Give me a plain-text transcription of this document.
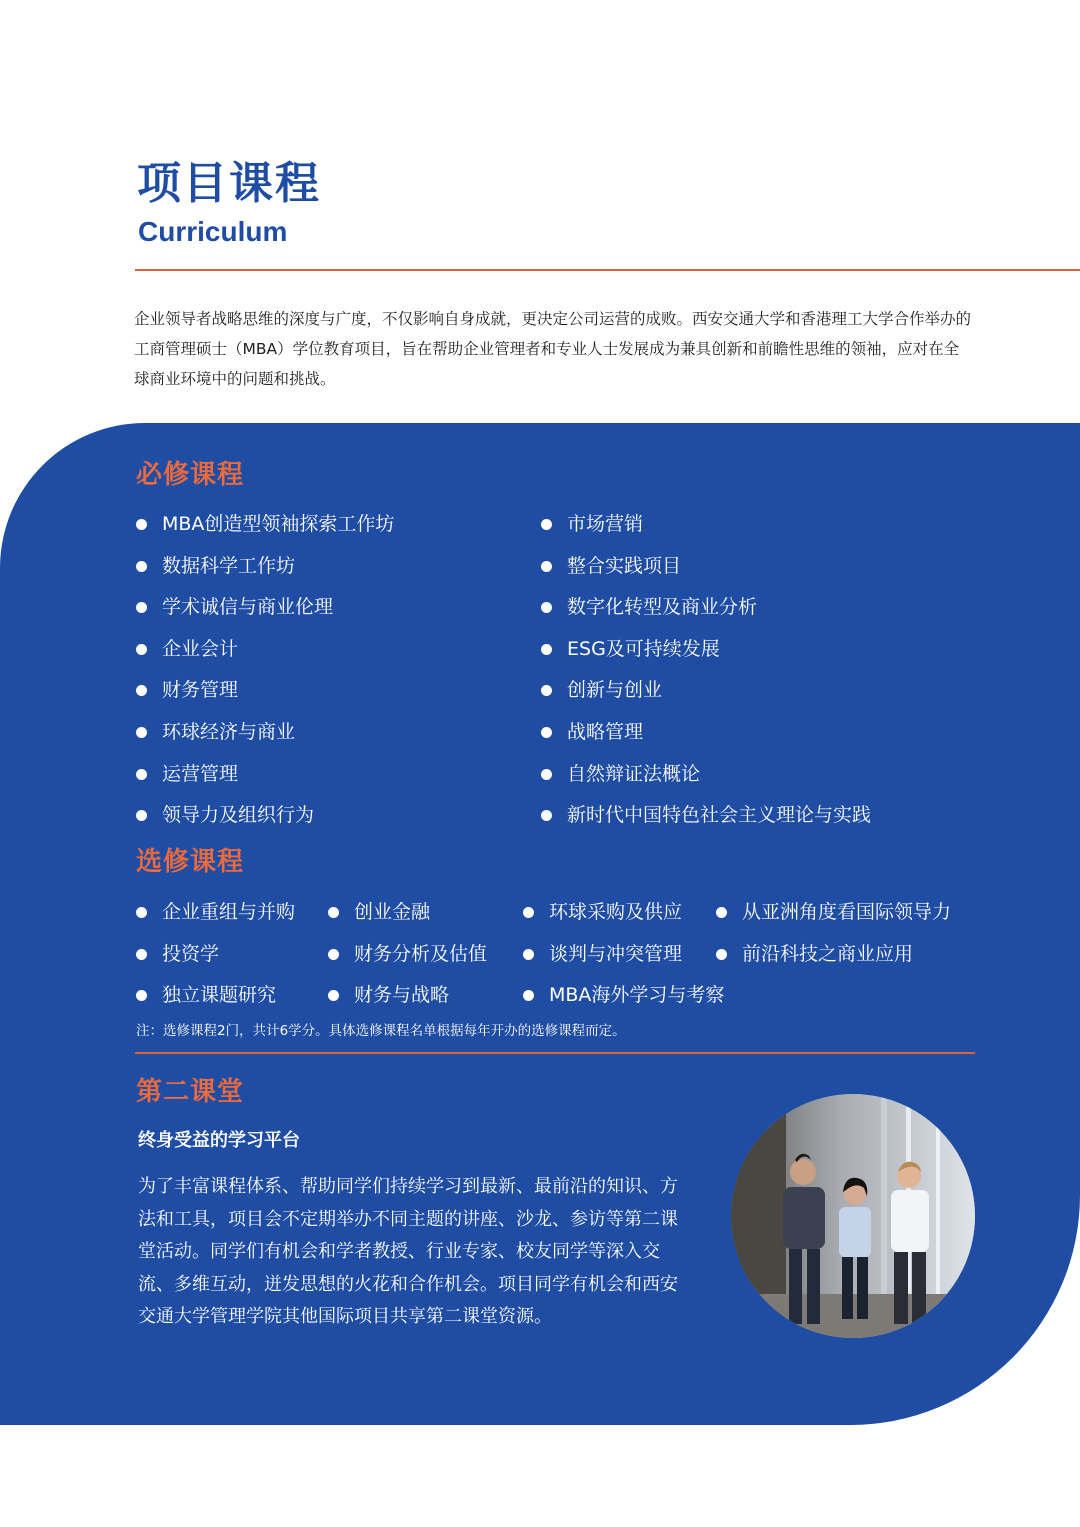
项目课程
Curriculum

企业领导者战略思维的深度与广度，不仅影响自身成就，更决定公司运营的成败。西安交通大学和香港理工大学合作举办的工商管理硕士（MBA）学位教育项目，旨在帮助企业管理者和专业人士发展成为兼具创新和前瞻性思维的领袖，应对在全球商业环境中的问题和挑战。

必修课程
MBA创造型领袖探索工作坊
数据科学工作坊
学术诚信与商业伦理
企业会计
财务管理
环球经济与商业
运营管理
领导力及组织行为
市场营销
整合实践项目
数字化转型及商业分析
ESG及可持续发展
创新与创业
战略管理
自然辩证法概论
新时代中国特色社会主义理论与实践
选修课程
企业重组与并购
投资学
独立课题研究
创业金融
财务分析及估值
财务与战略
环球采购及供应
谈判与冲突管理
MBA海外学习与考察
从亚洲角度看国际领导力
前沿科技之商业应用
注：选修课程2门，共计6学分。具体选修课程名单根据每年开办的选修课程而定。
第二课堂
终身受益的学习平台

为了丰富课程体系、帮助同学们持续学习到最新、最前沿的知识、方法和工具，项目会不定期举办不同主题的讲座、沙龙、参访等第二课堂活动。同学们有机会和学者教授、行业专家、校友同学等深入交流、多维互动，迸发思想的火花和合作机会。项目同学有机会和西安交通大学管理学院其他国际项目共享第二课堂资源。
